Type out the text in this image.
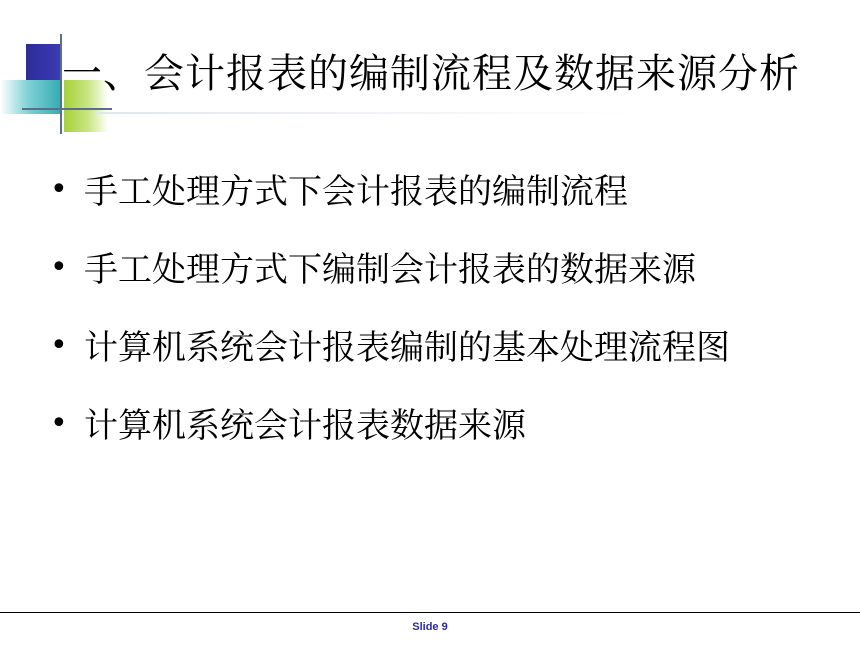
一、会计报表的编制流程及数据来源分析
• 手工处理方式下会计报表的编制流程
• 手工处理方式下编制会计报表的数据来源
• 计算机系统会计报表编制的基本处理流程图
• 计算机系统会计报表数据来源
Slide 9
